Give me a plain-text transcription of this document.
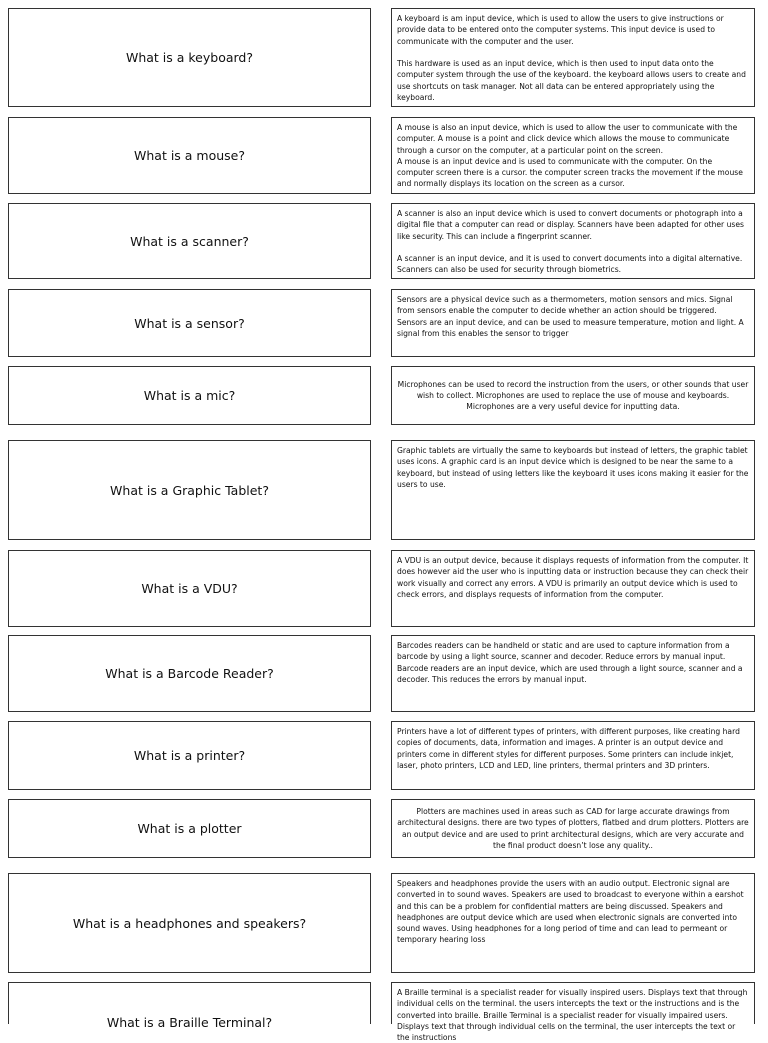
What is a keyboard?

A keyboard is am input device, which is used to allow the users to give instructions or provide data to be entered onto the computer systems. This input device is used to communicate with the computer and the user.

This hardware is used as an input device, which is then used to input data onto the computer system through the use of the keyboard. the keyboard allows users to create and use shortcuts on task manager. Not all data can be entered appropriately using the keyboard.

What is a mouse?

A mouse is also an input device, which is used to allow the user to communicate with the computer. A mouse is a point and click device which allows the mouse to communicate through a cursor on the computer, at a particular point on the screen.

A mouse is an input device and is used to communicate with the computer. On the computer screen there is a cursor. the computer screen tracks the movement if the mouse and normally displays its location on the screen as a cursor.

What is a scanner?

A scanner is also an input device which is used to convert documents or photograph into a digital file that a computer can read or display. Scanners have been adapted for other uses like security. This can include a fingerprint scanner.

A scanner is an input device, and it is used to convert documents into a digital alternative. Scanners can also be used for security through biometrics.

What is a sensor?

Sensors are a physical device such as a thermometers, motion sensors and mics. Signal from sensors enable the computer to decide whether an action should be triggered. Sensors are an input device, and can be used to measure temperature, motion and light. A signal from this enables the sensor to trigger

What is a mic?

Microphones can be used to record the instruction from the users, or other sounds that user wish to collect. Microphones are used to replace the use of mouse and keyboards. Microphones are a very useful device for inputting data.

What is a Graphic Tablet?

Graphic tablets are virtually the same to keyboards but instead of letters, the graphic tablet uses icons. A graphic card is an input device which is designed to be near the same to a keyboard, but instead of using letters like the keyboard it uses icons making it easier for the users to use.

What is a VDU?

A VDU is an output device, because it displays requests of information from the computer. It does however aid the user who is inputting data or instruction because they can check their work visually and correct any errors. A VDU is primarily an output device which is used to check errors, and displays requests of information from the computer.

What is a Barcode Reader?

Barcodes readers can be handheld or static and are used to capture information from a barcode by using a light source, scanner and decoder. Reduce errors by manual input. Barcode readers are an input device, which are used through a light source, scanner and a decoder. This reduces the errors by manual input.

What is a printer?

Printers have a lot of different types of printers, with different purposes, like creating hard copies of documents, data, information and images. A printer is an output device and printers come in different styles for different purposes. Some printers can include inkjet, laser, photo printers, LCD and LED, line printers, thermal printers and 3D printers.

What is a plotter

Plotters are machines used in areas such as CAD for large accurate drawings from architectural designs. there are two types of plotters, flatbed and drum plotters. Plotters are an output device and are used to print architectural designs, which are very accurate and the final product doesn’t lose any quality..

What is a headphones and speakers?

Speakers and headphones provide the users with an audio output. Electronic signal are converted in to sound waves. Speakers are used to broadcast to everyone within a earshot and this can be a problem for confidential matters are being discussed. Speakers and headphones are output device which are used when electronic signals are converted into sound waves. Using headphones for a long period of time and can lead to permeant or temporary hearing loss

What is a Braille Terminal?

A Braille terminal is a specialist reader for visually inspired users. Displays text that through individual cells on the terminal. the users intercepts the text or the instructions and is the converted into braille. Braille Terminal is a specialist reader for visually impaired users. Displays text that through individual cells on the terminal, the user intercepts the text or the instructions
